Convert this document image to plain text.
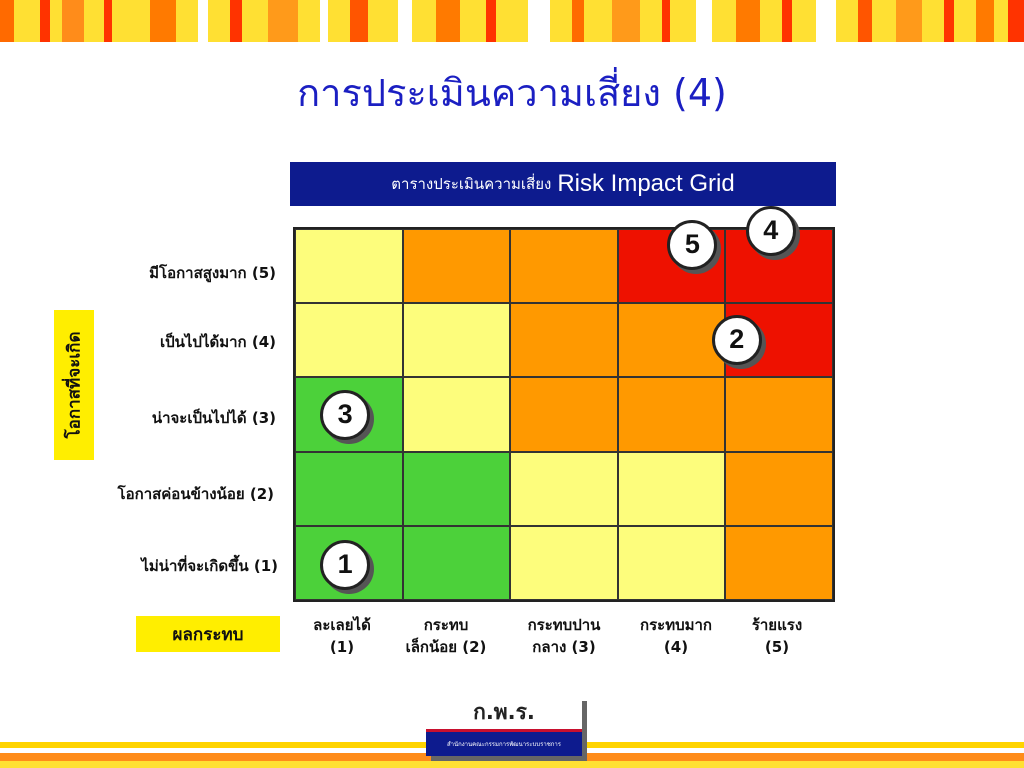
การประเมินความเสี่ยง (4)
ตารางประเมินความเสี่ยง Risk Impact Grid
โอกาสที่จะเกิด
มีโอกาสสูงมาก (5)
เป็นไปได้มาก (4)
น่าจะเป็นไปได้ (3)
โอกาสค่อนข้างน้อย (2)
ไม่น่าที่จะเกิดขึ้น (1)
ผลกระทบ	ละเลยได้
(1)
กระทบ
เล็กน้อย (2)
กระทบปาน
กลาง (3)
กระทบมาก
(4)
ร้ายแรง
(5)
ก.พ.ร.
สำนักงานคณะกรรมการพัฒนาระบบราชการ
4
5
2
3
1
